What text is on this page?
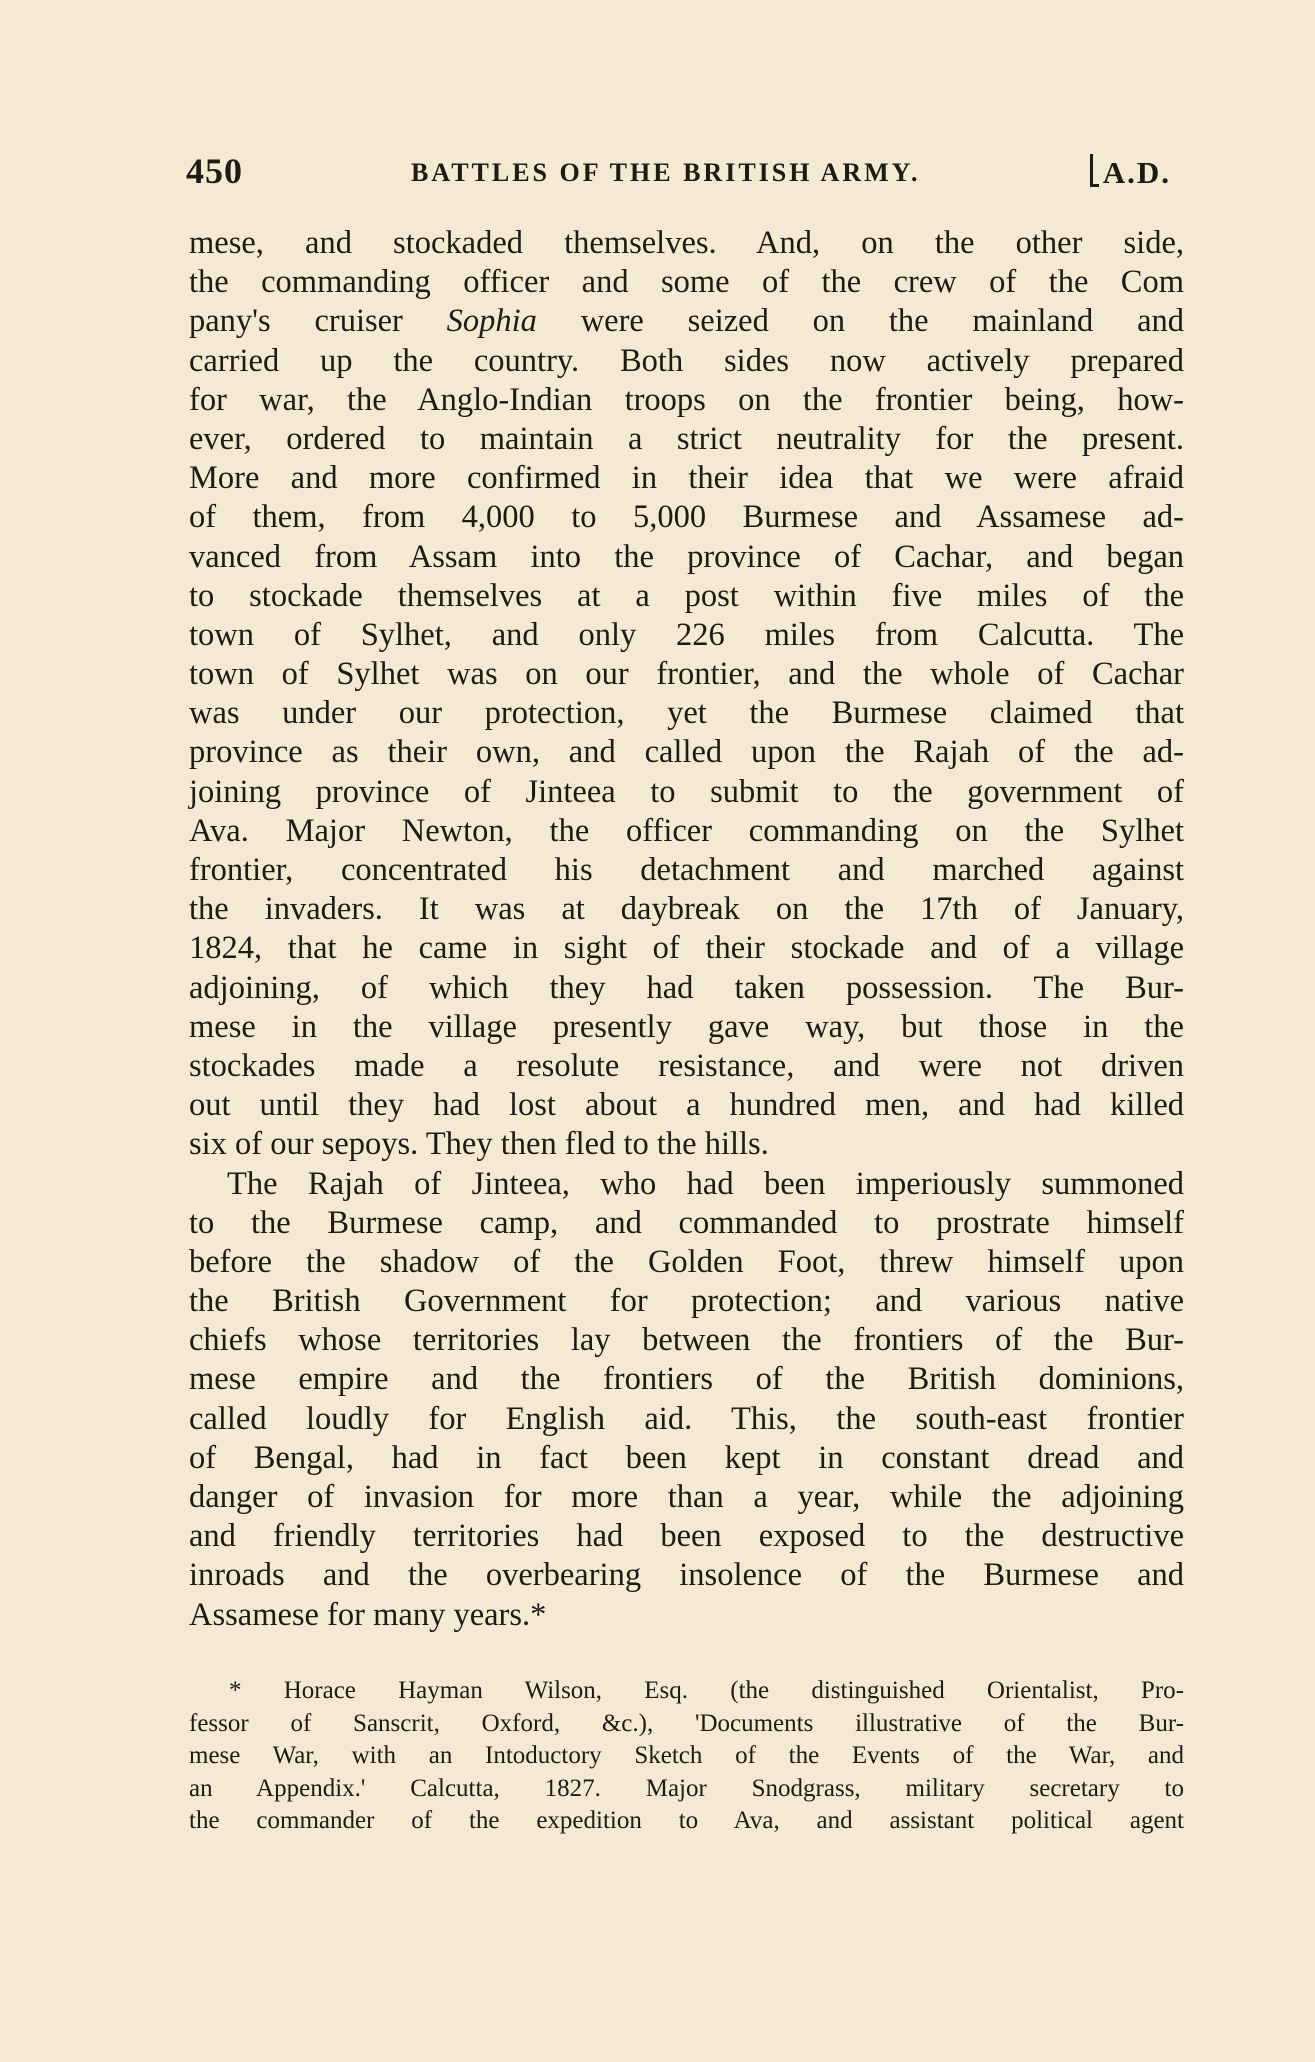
450	BATTLES OF THE BRITISH ARMY.	A.D.
mese, and stockaded themselves. And, on the other side,
the commanding officer and some of the crew of the Com
pany's cruiser Sophia were seized on the mainland and
carried up the country. Both sides now actively prepared
for war, the Anglo-Indian troops on the frontier being, how-
ever, ordered to maintain a strict neutrality for the present.
More and more confirmed in their idea that we were afraid
of them, from 4,000 to 5,000 Burmese and Assamese ad-
vanced from Assam into the province of Cachar, and began
to stockade themselves at a post within five miles of the
town of Sylhet, and only 226 miles from Calcutta. The
town of Sylhet was on our frontier, and the whole of Cachar
was under our protection, yet the Burmese claimed that
province as their own, and called upon the Rajah of the ad-
joining province of Jinteea to submit to the government of
Ava. Major Newton, the officer commanding on the Sylhet
frontier, concentrated his detachment and marched against
the invaders. It was at daybreak on the 17th of January,
1824, that he came in sight of their stockade and of a village
adjoining, of which they had taken possession. The Bur-
mese in the village presently gave way, but those in the
stockades made a resolute resistance, and were not driven
out until they had lost about a hundred men, and had killed
six of our sepoys. They then fled to the hills.
The Rajah of Jinteea, who had been imperiously summoned
to the Burmese camp, and commanded to prostrate himself
before the shadow of the Golden Foot, threw himself upon
the British Government for protection; and various native
chiefs whose territories lay between the frontiers of the Bur-
mese empire and the frontiers of the British dominions,
called loudly for English aid. This, the south-east frontier
of Bengal, had in fact been kept in constant dread and
danger of invasion for more than a year, while the adjoining
and friendly territories had been exposed to the destructive
inroads and the overbearing insolence of the Burmese and
Assamese for many years.*
* Horace Hayman Wilson, Esq. (the distinguished Orientalist, Pro-
fessor of Sanscrit, Oxford, &c.), 'Documents illustrative of the Bur-
mese War, with an Intoductory Sketch of the Events of the War, and
an Appendix.' Calcutta, 1827. Major Snodgrass, military secretary to
the commander of the expedition to Ava, and assistant political agent
